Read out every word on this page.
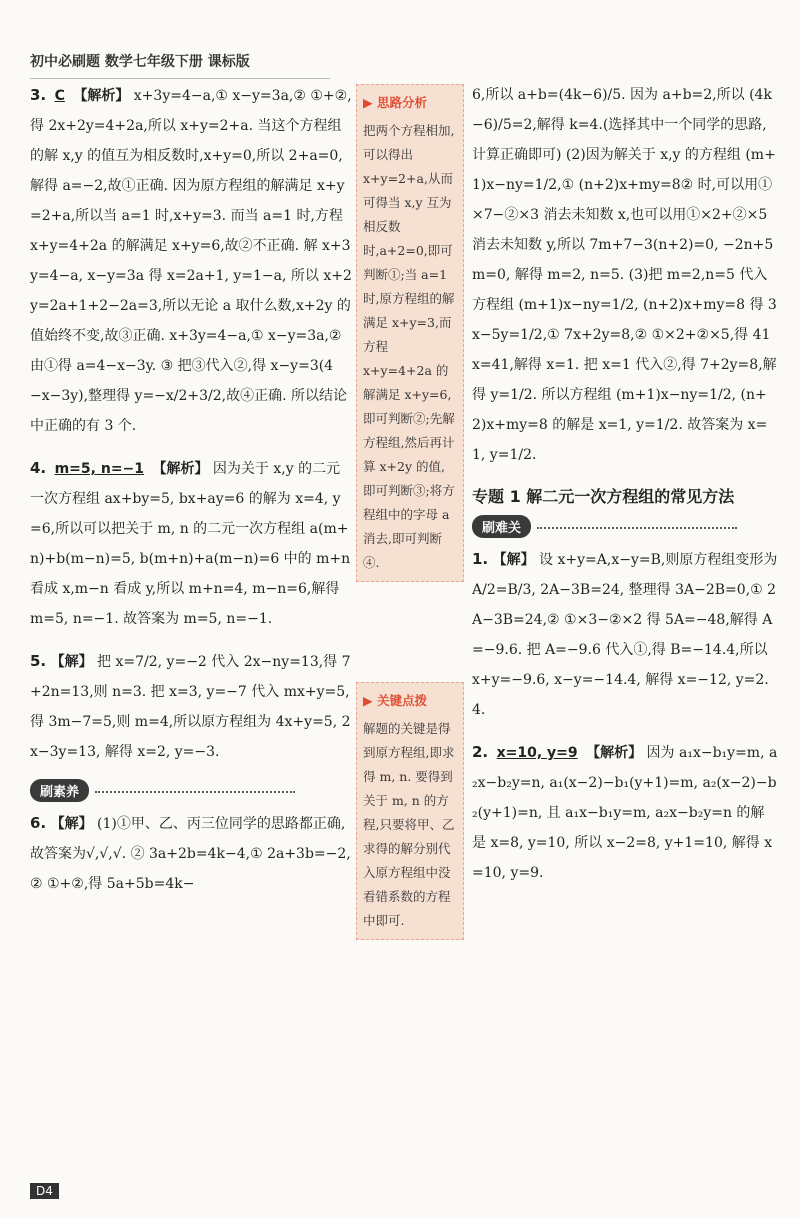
初中必刷题 数学七年级下册 课标版

3. C 【解析】 x+3y=4−a,① x−y=3a,② ①+②,得 2x+2y=4+2a,所以 x+y=2+a. 当这个方程组的解 x,y 的值互为相反数时,x+y=0,所以 2+a=0,解得 a=−2,故①正确. 因为原方程组的解满足 x+y=2+a,所以当 a=1 时,x+y=3. 而当 a=1 时,方程 x+y=4+2a 的解满足 x+y=6,故②不正确. 解 x+3y=4−a, x−y=3a 得 x=2a+1, y=1−a, 所以 x+2y=2a+1+2−2a=3,所以无论 a 取什么数,x+2y 的值始终不变,故③正确. x+3y=4−a,① x−y=3a,② 由①得 a=4−x−3y. ③ 把③代入②,得 x−y=3(4−x−3y),整理得 y=−x/2+3/2,故④正确. 所以结论中正确的有 3 个.

4. m=5, n=−1 【解析】 因为关于 x,y 的二元一次方程组 ax+by=5, bx+ay=6 的解为 x=4, y=6,所以可以把关于 m, n 的二元一次方程组 a(m+n)+b(m−n)=5, b(m+n)+a(m−n)=6 中的 m+n 看成 x,m−n 看成 y,所以 m+n=4, m−n=6,解得 m=5, n=−1. 故答案为 m=5, n=−1.

5. 【解】 把 x=7/2, y=−2 代入 2x−ny=13,得 7+2n=13,则 n=3. 把 x=3, y=−7 代入 mx+y=5,得 3m−7=5,则 m=4,所以原方程组为 4x+y=5, 2x−3y=13, 解得 x=2, y=−3.

刷素养

6. 【解】 (1)①甲、乙、丙三位同学的思路都正确,故答案为√,√,√. ② 3a+2b=4k−4,① 2a+3b=−2,② ①+②,得 5a+5b=4k−

▶ 思路分析
把两个方程相加,可以得出 x+y=2+a,从而可得当 x,y 互为相反数时,a+2=0,即可判断①;当 a=1 时,原方程组的解满足 x+y=3,而方程 x+y=4+2a 的解满足 x+y=6,即可判断②;先解方程组,然后再计算 x+2y 的值,即可判断③;将方程组中的字母 a 消去,即可判断④.
▶ 关键点拨
解题的关键是得到原方程组,即求得 m, n. 要得到关于 m, n 的方程,只要将甲、乙求得的解分别代入原方程组中没看错系数的方程中即可.

6,所以 a+b=(4k−6)/5. 因为 a+b=2,所以 (4k−6)/5=2,解得 k=4.(选择其中一个同学的思路,计算正确即可) (2)因为解关于 x,y 的方程组 (m+1)x−ny=1/2,① (n+2)x+my=8② 时,可以用①×7−②×3 消去未知数 x,也可以用①×2+②×5 消去未知数 y,所以 7m+7−3(n+2)=0, −2n+5m=0, 解得 m=2, n=5. (3)把 m=2,n=5 代入方程组 (m+1)x−ny=1/2, (n+2)x+my=8 得 3x−5y=1/2,① 7x+2y=8,② ①×2+②×5,得 41x=41,解得 x=1. 把 x=1 代入②,得 7+2y=8,解得 y=1/2. 所以方程组 (m+1)x−ny=1/2, (n+2)x+my=8 的解是 x=1, y=1/2. 故答案为 x=1, y=1/2.

专题 1 解二元一次方程组的常见方法
刷难关

1. 【解】 设 x+y=A,x−y=B,则原方程组变形为 A/2=B/3, 2A−3B=24, 整理得 3A−2B=0,① 2A−3B=24,② ①×3−②×2 得 5A=−48,解得 A=−9.6. 把 A=−9.6 代入①,得 B=−14.4,所以 x+y=−9.6, x−y=−14.4, 解得 x=−12, y=2.4.

2. x=10, y=9 【解析】 因为 a₁x−b₁y=m, a₂x−b₂y=n, a₁(x−2)−b₁(y+1)=m, a₂(x−2)−b₂(y+1)=n, 且 a₁x−b₁y=m, a₂x−b₂y=n 的解是 x=8, y=10, 所以 x−2=8, y+1=10, 解得 x=10, y=9.

D4
